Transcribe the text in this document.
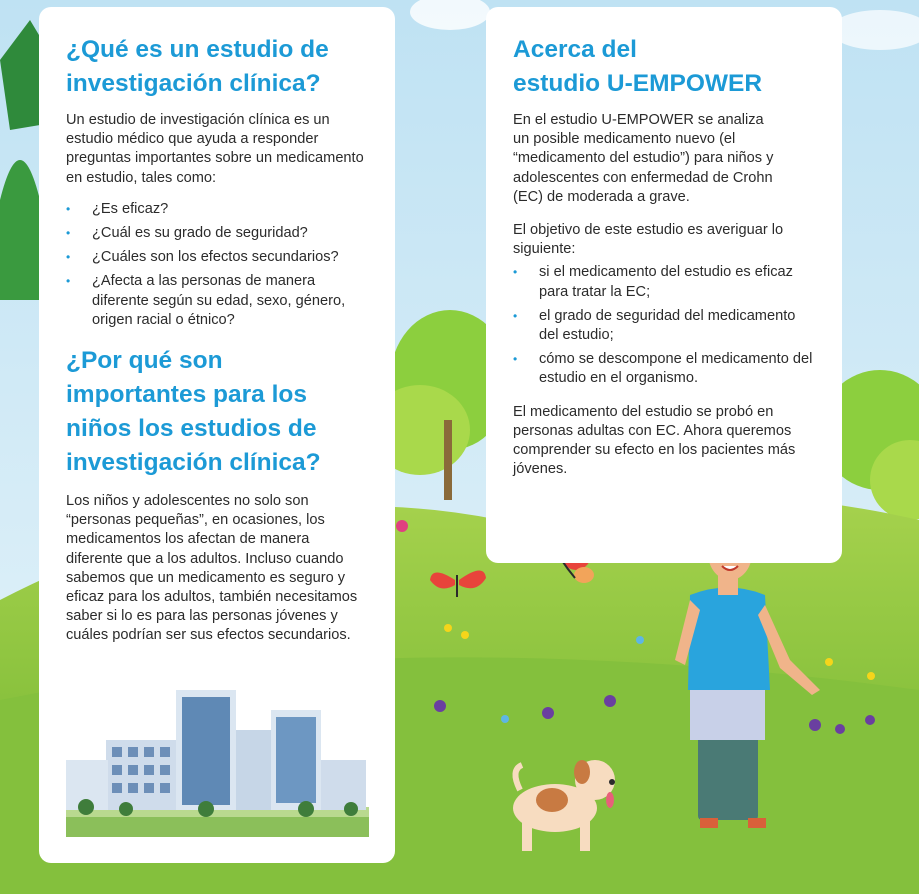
¿Qué es un estudio de
investigación clínica?

Un estudio de investigación clínica es un estudio médico que ayuda a responder preguntas importantes sobre un medicamento en estudio, tales como:

• ¿Es eficaz?
• ¿Cuál es su grado de seguridad?
• ¿Cuáles son los efectos secundarios?
• ¿Afecta a las personas de manera diferente según su edad, sexo, género, origen racial o étnico?
¿Por qué son
importantes para los
niños los estudios de
investigación clínica?

Los niños y adolescentes no solo son “personas pequeñas”, en ocasiones, los medicamentos los afectan de manera diferente que a los adultos. Incluso cuando sabemos que un medicamento es seguro y eficaz para los adultos, también necesitamos saber si lo es para las personas jóvenes y cuáles podrían ser sus efectos secundarios.

Acerca del
estudio U-EMPOWER

En el estudio U-EMPOWER se analiza un posible medicamento nuevo (el “medicamento del estudio”) para niños y adolescentes con enfermedad de Crohn (EC) de moderada a grave.

El objetivo de este estudio es averiguar lo siguiente:

• si el medicamento del estudio es eficaz para tratar la EC;
• el grado de seguridad del medicamento del estudio;
• cómo se descompone el medicamento del estudio en el organismo.

El medicamento del estudio se probó en personas adultas con EC. Ahora queremos comprender su efecto en los pacientes más jóvenes.
